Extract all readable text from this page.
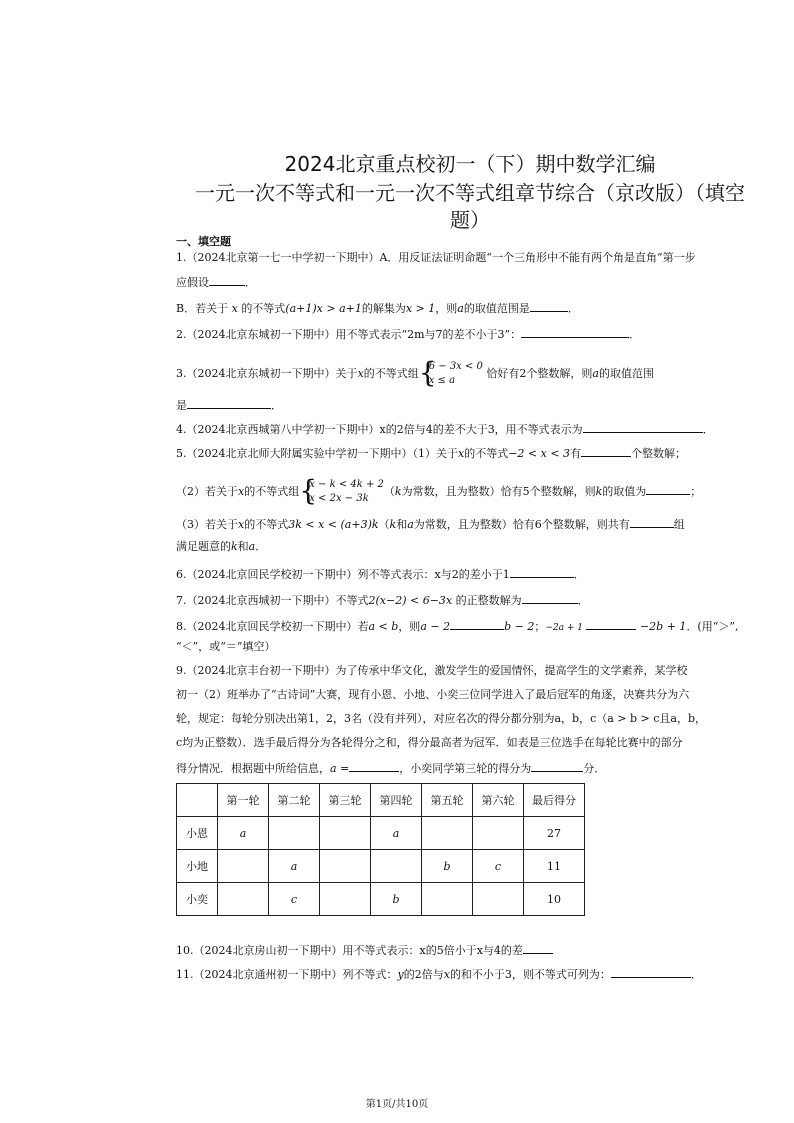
2024北京重点校初一（下）期中数学汇编
一元一次不等式和一元一次不等式组章节综合（京改版）（填空
题）
一、填空题
1.（2024北京第一七一中学初一下期中）A．用反证法证明命题“一个三角形中不能有两个角是直角”第一步
应假设	．
B．若关于 x 的不等式(a+1)x > a+1的解集为x > 1，则a的取值范围是	．
2.（2024北京东城初一下期中）用不等式表示“2m与7的差不小于3”：	．
3.（2024北京东城初一下期中）关于x的不等式组 {
6 − 3x < 0
x ≤ a
恰好有2个整数解，则a的取值范围
是	．
4.（2024北京西城第八中学初一下期中）x的2倍与4的差不大于3，用不等式表示为	．
5.（2024北京北师大附属实验中学初一下期中）（1）关于x的不等式−2 < x < 3有	个整数解；
（2）若关于x的不等式组 {
x − k < 4k + 2
x < 2x − 3k
（k为常数，且为整数）恰有5个整数解，则k的取值为	；
（3）若关于x的不等式3k < x < (a+3)k（k和a为常数，且为整数）恰有6个整数解，则共有	组
满足题意的k和a．
6.（2024北京回民学校初一下期中）列不等式表示：x与2的差小于1	．
7.（2024北京西城初一下期中）不等式2(x−2) < 6−3x 的正整数解为	．
8.（2024北京回民学校初一下期中）若a < b，则a − 2	b − 2；−2a + 1	−2b + 1．(用“＞”,
“＜”，或“＝”填空）
9.（2024北京丰台初一下期中）为了传承中华文化，激发学生的爱国情怀，提高学生的文学素养，某学校
初一（2）班举办了“古诗词”大赛，现有小恩、小地、小奕三位同学进入了最后冠军的角逐，决赛共分为六
轮，规定：每轮分别决出第1，2，3名（没有并列），对应名次的得分都分别为a，b，c（a > b > c且a，b，
c均为正整数）．选手最后得分为各轮得分之和，得分最高者为冠军．如表是三位选手在每轮比赛中的部分
得分情况．根据题中所给信息，a =	，小奕同学第三轮的得分为	分．
	第一轮	第二轮	第三轮	第四轮	第五轮	第六轮	最后得分
小恩	a			a			27
小地		a			b	c	11
小奕		c		b			10
10.（2024北京房山初一下期中）用不等式表示：x的5倍小于x与4的差
11.（2024北京通州初一下期中）列不等式：y的2倍与x的和不小于3，则不等式可列为：	．
第1页/共10页
